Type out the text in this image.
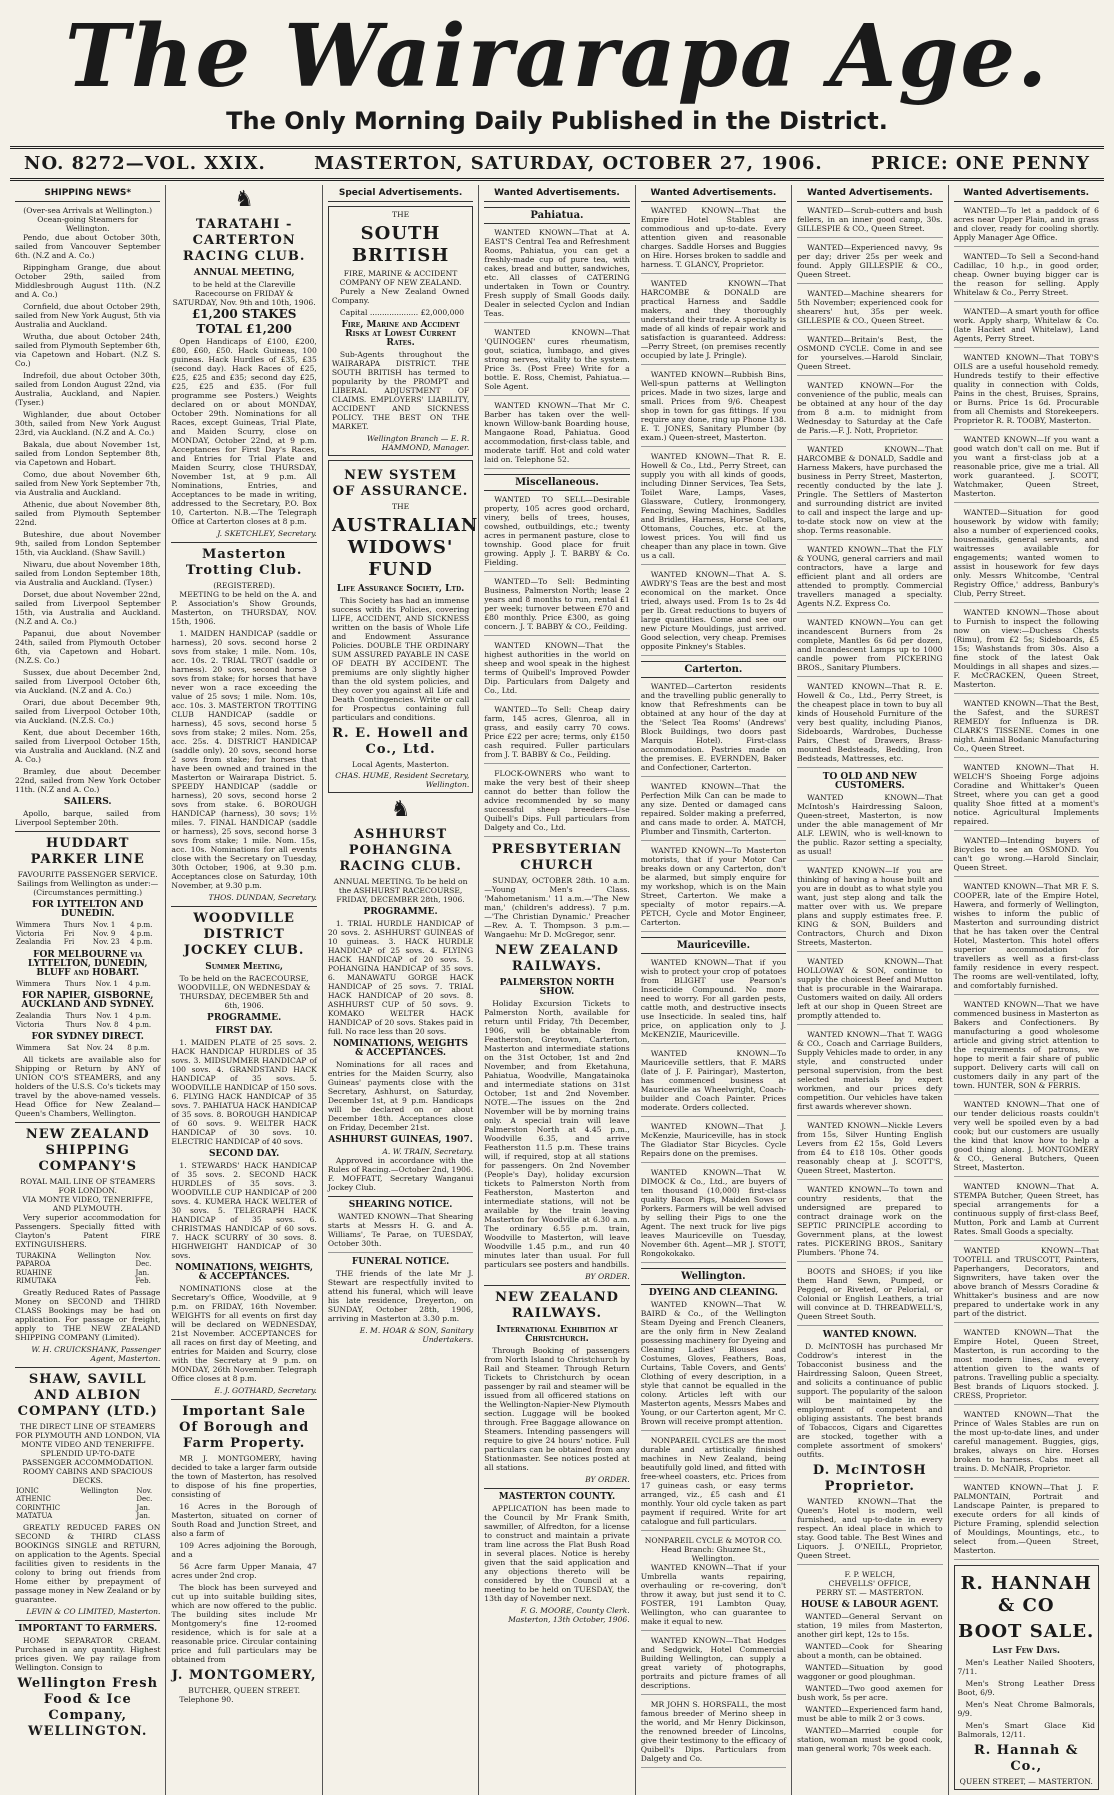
The Wairarapa Age.
The Only Morning Daily Published in the District.
NO. 8272—VOL. XXIX.	MASTERTON, SATURDAY, OCTOBER 27, 1906.	PRICE: ONE PENNY
SHIPPING NEWS*
(Over-sea Arrivals at Wellington.)
Ocean-going Steamers for Wellington.
Pendo, due about October 30th, sailed from Vancouver September 6th. (N.Z and A. Co.)
Rippingham Grange, due about October 29th, sailed from Middlesbrough August 11th. (N.Z and A. Co.)
Cornfield, due about October 29th, sailed from New York August, 5th via Australia and Auckland.
Wrutha, due about October 24th, sailed from Plymouth September 6th, via Capetown and Hobart. (N.Z S. Co.)
Indrefoil, due about October 30th, sailed from London August 22nd, via Australia, Auckland, and Napier. (Tyser.)
Wighlander, due about October 30th, sailed from New York August 23rd, via Auckland. (N.Z and A. Co.)
Bakala, due about November 1st, sailed from London September 8th, via Capetown and Hobart.
Como, due about November 6th, sailed from New York September 7th, via Australia and Auckland.
Athenic, due about November 8th, sailed from Plymouth September 22nd.
Buteshire, due about November 9th, sailed from London September 15th, via Auckland. (Shaw Savill.)
Niwaru, due about November 18th, sailed from London September 18th, via Australia and Auckland. (Tyser.)
Dorset, due about November 22nd, sailed from Liverpool September 15th, via Australia and Auckland. (N.Z and A. Co.)
Papanui, due about November 24th, sailed from Plymouth October 6th, via Capetown and Hobart. (N.Z.S. Co.)
Sussex, due about December 2nd, sailed from Liverpool October 6th, via Auckland. (N.Z and A. Co.)
Orari, due about December 9th, sailed from Liverpool October 10th, via Auckland. (N.Z.S. Co.)
Kent, due about December 16th, sailed from Liverpool October 15th, via Australia and Auckland. (N.Z and A. Co.)
Bramley, due about December 22nd, sailed from New York October 11th. (N.Z and A. Co.)
SAILERS.
Apollo, barque, sailed from Liverpool September 20th.
HUDDART PARKER LINE
FAVOURITE PASSENGER SERVICE.
Sailings from Wellington as under:— (Circumstances permitting.)
FOR LYTTELTON AND DUNEDIN.
Wimmera	Thurs	Nov. 1	4 p.m.
Victoria	Fri	Nov. 9	4 p.m.
Zealandia	Fri	Nov. 23	4 p.m.
FOR MELBOURNE via LYTTELTON, DUNEDIN, BLUFF and HOBART.
Wimmera	Thurs	Nov. 1	4 p.m.
FOR NAPIER, GISBORNE, AUCKLAND AND SYDNEY.
Zealandia	Thurs	Nov. 1	4 p.m.
Victoria	Thurs	Nov. 8	4 p.m.
FOR SYDNEY DIRECT.
Wimmera	Sat	Nov. 24	8 p.m.
All tickets are available also for Shipping or Return by ANY of UNION CO'S STEAMERS, and any holders of the U.S.S. Co's tickets may travel by the above-named vessels. Head Office for New Zealand—Queen's Chambers, Wellington.
NEW ZEALAND SHIPPING COMPANY'S
ROYAL MAIL LINE OF STEAMERS FOR LONDON.
VIA MONTE VIDEO, TENERIFFE, AND PLYMOUTH.
Very superior accommodation for Passengers. Specially fitted with Clayton's Patent FIRE EXTINGUISHERS.
TURAKINA	Wellington	Nov.
PAPAROA		Dec.
RUAHINE		Jan.
RIMUTAKA		Feb.
Greatly Reduced Rates of Passage Money on SECOND and THIRD CLASS Bookings may be had on application. For passage or freight, apply to THE NEW ZEALAND SHIPPING COMPANY (Limited).
W. H. CRUICKSHANK, Passenger Agent, Masterton.
SHAW, SAVILL AND ALBION COMPANY (LTD.)
THE DIRECT LINE OF STEAMERS FOR PLYMOUTH AND LONDON, VIA MONTE VIDEO AND TENERIFFE.
SPLENDID UP-TO-DATE PASSENGER ACCOMMODATION. ROOMY CABINS AND SPACIOUS DECKS.
IONIC	Wellington	Nov.
ATHENIC		Dec.
CORINTHIC		Jan.
MATATUA		Jan.
GREATLY REDUCED FARES ON SECOND & THIRD CLASS BOOKINGS SINGLE and RETURN, on application to the Agents. Special facilities given to residents in the colony to bring out friends from Home either by prepayment of passage money in New Zealand or by guarantee.
LEVIN & CO LIMITED, Masterton.
IMPORTANT TO FARMERS.
HOME SEPARATOR CREAM. Purchased in any quantity. Highest prices given. We pay railage from Wellington. Consign to
Wellington Fresh Food & Ice Company, WELLINGTON.
♞
TARATAHI - CARTERTON RACING CLUB.
ANNUAL MEETING,
to be held at the Clareville Racecourse on FRIDAY & SATURDAY, Nov. 9th and 10th, 1906.
£1,200 STAKES TOTAL £1,200
Open Handicaps of £100, £200, £80, £60, £50. Hack Guineas, 100 guineas. Hack Hurdles of £35, £35 (second day). Hack Races of £25, £25, £25 and £35; second day £25, £25, £25 and £35. (For full programme see Posters.) Weights declared on or about MONDAY, October 29th. Nominations for all Races, except Guineas, Trial Plate, and Maiden Scurry, close on MONDAY, October 22nd, at 9 p.m. Acceptances for First Day's Races, and Entries for Trial Plate and Maiden Scurry, close THURSDAY, November 1st, at 9 p.m. All Nominations, Entries, and Acceptances to be made in writing, addressed to the Secretary, P.O. Box 10, Carterton. N.B.—The Telegraph Office at Carterton closes at 8 p.m.
J. SKETCHLEY, Secretary.
Masterton Trotting Club.
(REGISTERED).
MEETING to be held on the A. and P. Association's Show Grounds, Masterton, on THURSDAY, NOV. 15th, 1906.
1. MAIDEN HANDICAP (saddle or harness), 20 sovs. second horse 2 sovs from stake; 1 mile. Nom. 10s, acc. 10s. 2. TRIAL TROT (saddle or harness). 20 sovs, second horse 3 sovs from stake; for horses that have never won a race exceeding the value of 25 sovs; 1 mile. Nom. 10s, acc. 10s. 3. MASTERTON TROTTING CLUB HANDICAP (saddle or harness), 45 sovs, second horse 5 sovs from stake; 2 miles. Nom. 25s, acc. 25s. 4. DISTRICT HANDICAP (saddle only). 20 sovs, second horse 2 sovs from stake; for horses that have been owned and trained in the Masterton or Wairarapa District. 5. SPEEDY HANDICAP (saddle or harness), 20 sovs, second horse 2 sovs from stake. 6. BOROUGH HANDICAP (harness), 30 sovs; 1½ miles. 7. FINAL HANDICAP (saddle or harness), 25 sovs, second horse 3 sovs from stake; 1 mile. Nom. 15s, acc. 10s. Nominations for all events close with the Secretary on Tuesday, 30th October, 1906, at 9.30 p.m. Acceptances close on Saturday, 10th November, at 9.30 p.m.
THOS. DUNDAN, Secretary.
WOODVILLE DISTRICT JOCKEY CLUB.
Summer Meeting,
To be held on the RACECOURSE, WOODVILLE, ON WEDNESDAY & THURSDAY, DECEMBER 5th and 6th, 1906.
PROGRAMME.
FIRST DAY.
1. MAIDEN PLATE of 25 sovs. 2. HACK HANDICAP HURDLES of 35 sovs. 3. MIDSUMMER HANDICAP of 100 sovs. 4. GRANDSTAND HACK HANDICAP of 35 sovs. 5. WOODVILLE HANDICAP of 150 sovs. 6. FLYING HACK HANDICAP of 35 sovs. 7. PAHIATUA HACK HANDICAP of 35 sovs. 8. BOROUGH HANDICAP of 60 sovs. 9. WELTER HACK HANDICAP of 30 sovs. 10. ELECTRIC HANDICAP of 40 sovs.
SECOND DAY.
1. STEWARDS' HACK HANDICAP of 35 sovs. 2. SECOND HACK HURDLES of 35 sovs. 3. WOODVILLE CUP HANDICAP of 200 sovs. 4. KUMERA HACK WELTER of 30 sovs. 5. TELEGRAPH HACK HANDICAP of 35 sovs. 6. CHRISTMAS HANDICAP of 60 sovs. 7. HACK SCURRY of 30 sovs. 8. HIGHWEIGHT HANDICAP of 30 sovs.
NOMINATIONS, WEIGHTS, & ACCEPTANCES.
NOMINATIONS close at the Secretary's Office, Woodville, at 9 p.m. on FRIDAY, 16th November. WEIGHTS for all events on first day will be declared on WEDNESDAY, 21st November. ACCEPTANCES for all races on first day of Meeting, and entries for Maiden and Scurry, close with the Secretary at 9 p.m. on MONDAY, 26th November. Telegraph Office closes at 8 p.m.
E. J. GOTHARD, Secretary.
Important Sale Of Borough and Farm Property.
MR J. MONTGOMERY, having decided to take a larger farm outside the town of Masterton, has resolved to dispose of his fine properties, consisting of
16 Acres in the Borough of Masterton, situated on corner of South Road and Junction Street, and also a farm of
109 Acres adjoining the Borough, and a
56 Acre farm Upper Manaia, 47 acres under 2nd crop.
The block has been surveyed and cut up into suitable building sites, which are now offered to the public. The building sites include Mr Montgomery's fine 12-roomed residence, which is for sale at a reasonable price. Circular containing price and full particulars may be obtained from
J. MONTGOMERY,
BUTCHER, QUEEN STREET.
Telephone 90.
Special Advertisements.
THE
SOUTH BRITISH
FIRE, MARINE & ACCIDENT COMPANY OF NEW ZEALAND.
Purely a New Zealand Owned Company.
Capital .................... £2,000,000
Fire, Marine and Accident Risks at Lowest Current Rates.
Sub-Agents throughout the WAIRARAPA DISTRICT. THE SOUTH BRITISH has termed to popularity by the PROMPT and LIBERAL ADJUSTMENT OF CLAIMS. EMPLOYERS' LIABILITY, ACCIDENT AND SICKNESS POLICY. THE BEST ON THE MARKET.
Wellington Branch — E. R. HAMMOND, Manager.
NEW SYSTEM OF ASSURANCE.
THE
AUSTRALIAN WIDOWS' FUND
Life Assurance Society, Ltd.
This Society has had an immense success with its Policies, covering LIFE, ACCIDENT, AND SICKNESS written on the basis of Whole Life and Endowment Assurance Policies. DOUBLE THE ORDINARY SUM ASSURED PAYABLE IN CASE OF DEATH BY ACCIDENT. The premiums are only slightly higher than the old system policies, and they cover you against all Life and Death Contingencies. Write or call for Prospectus containing full particulars and conditions.
R. E. Howell and Co., Ltd.
Local Agents, Masterton.
CHAS. HUME, Resident Secretary, Wellington.
♞
ASHHURST POHANGINA RACING CLUB.
ANNUAL MEETING. To be held on the ASHHURST RACECOURSE, FRIDAY, DECEMBER 28th, 1906.
PROGRAMME.
1. TRIAL HURDLE HANDICAP of 20 sovs. 2. ASHHURST GUINEAS of 10 guineas. 3. HACK HURDLE HANDICAP of 25 sovs. 4. FLYING HACK HANDICAP of 20 sovs. 5. POHANGINA HANDICAP of 35 sovs. 6. MANAWATU GORGE HACK HANDICAP of 25 sovs. 7. TRIAL HACK HANDICAP of 20 sovs. 8. ASHHURST CUP of 50 sovs. 9. KOMAKO WELTER HACK HANDICAP of 20 sovs. Stakes paid in full. No race less than 20 sovs.
NOMINATIONS, WEIGHTS & ACCEPTANCES.
Nominations for all races and entries for the Maiden Scurry, also Guineas' payments close with the Secretary, Ashhurst, on Saturday, December 1st, at 9 p.m. Handicaps will be declared on or about December 18th. Acceptances close on Friday, December 21st.
ASHHURST GUINEAS, 1907.
A. W. TRAIN, Secretary.
Approved in accordance with the Rules of Racing.—October 2nd, 1906. F. MOFFATT, Secretary Wanganui Jockey Club.
SHEARING NOTICE.
WANTED KNOWN—That Shearing starts at Messrs H. G. and A. Williams', Te Parae, on TUESDAY, October 30th.
FUNERAL NOTICE.
THE friends of the late Mr J. Stewart are respectfully invited to attend his funeral, which will leave his late residence, Dreyerton, on SUNDAY, October 28th, 1906, arriving in Masterton at 3.30 p.m.
E. M. HOAR & SON, Sanitary Undertakers.
Wanted Advertisements.
Pahiatua.
WANTED KNOWN—That at A. EAST'S Central Tea and Refreshment Rooms, Pahiatua, you can get a freshly-made cup of pure tea, with cakes, bread and butter, sandwiches, etc. All classes of CATERING undertaken in Town or Country. Fresh supply of Small Goods daily. Dealer in selected Cyclon and Indian Teas.
WANTED KNOWN—That 'QUINOGEN' cures rheumatism, gout, sciatica, lumbago, and gives strong nerves, vitality to the system. Price 3s. (Post Free) Write for a bottle. E. Ross, Chemist, Pahiatua.—Sole Agent.
WANTED KNOWN—That Mr C. Barber has taken over the well-known Willow-bank Boarding house, Mangaone Road, Pahiatua. Good accommodation, first-class table, and moderate tariff. Hot and cold water laid on. Telephone 52.
Miscellaneous.
WANTED TO SELL—Desirable property, 105 acres good orchard, vinery, bells of trees, houses, cowshed, outbuildings, etc.; twenty acres in permanent pasture, close to township. Good place for fruit growing. Apply J. T. BARBY & Co. Fielding.
WANTED—To Sell: Bedminting Business, Palmerston North; lease 2 years and 8 months to run, rental £1 per week; turnover between £70 and £80 monthly. Price £300, as going concern. J. T. BABBY & CO., Feilding.
WANTED KNOWN—That the highest authorities in the world on sheep and wool speak in the highest terms of Quibell's Improved Powder Dip. Particulars from Dalgety and Co., Ltd.
WANTED—To Sell: Cheap dairy farm, 145 acres, Glenroa, all in grass, and easily carry 70 cows. Price £22 per acre; terms, only £150 cash required. Fuller particulars from J. T. BABBY & Co., Feilding.
FLOCK-OWNERS who want to make the very best of their sheep cannot do better than follow the advice recommended by so many successful sheep breeders—Use Quibell's Dips. Full particulars from Dalgety and Co., Ltd.
PRESBYTERIAN CHURCH
SUNDAY, OCTOBER 28th. 10 a.m.—Young Men's Class. 'Mahometanism.' 11 a.m.—'The New man,' (children's address). 7 p.m.—'The Christian Dynamic.' Preacher—Rev. A. T. Thompson. 3 p.m.—Wangaehu: Mr D. McGregor, senr.
NEW ZEALAND RAILWAYS.
PALMERSTON NORTH SHOW.
Holiday Excursion Tickets to Palmerston North, available for return until Friday, 7th December, 1906, will be obtainable from Featherston, Greytown, Carterton, Masterton and intermediate stations on the 31st October, 1st and 2nd November, and from Eketahuna, Pahiatua, Woodville, Mangatainoka and intermediate stations on 31st October, 1st and 2nd November. NOTE.—The issues on the 2nd November will be by morning trains only. A special train will leave Palmerston North at 4.45 p.m., Woodville 6.35, and arrive Featherston 11.5 p.m. These trains will, if required, stop at all stations for passengers. On 2nd November (People's Day), holiday excursion tickets to Palmerston North from Featherston, Masterton and intermediate stations, will not be available by the train leaving Masterton for Woodville at 6.30 a.m. The ordinary 6.55 p.m. train, Woodville to Masterton, will leave Woodville 1.45 p.m., and run 40 minutes later than usual. For full particulars see posters and handbills.
BY ORDER.
NEW ZEALAND RAILWAYS.
International Exhibition at Christchurch.
Through Booking of passengers from North Island to Christchurch by Rail and Steamer. Through Return Tickets to Christchurch by ocean passenger by rail and steamer will be issued from all officered stations on the Wellington-Napier-New Plymouth section. Luggage will be booked through. Free Baggage allowance on Steamers. Intending passengers will require to give 24 hours' notice. Full particulars can be obtained from any Stationmaster. See notices posted at all stations.
BY ORDER.
MASTERTON COUNTY.
APPLICATION has been made to the Council by Mr Frank Smith, sawmiller, of Alfredton, for a license to construct and maintain a private tram line across the Flat Bush Road in several places. Notice is hereby given that the said application and any objections thereto will be considered by the Council at a meeting to be held on TUESDAY, the 13th day of November next.
F. G. MOORE, County Clerk. Masterton, 13th October, 1906.
Wanted Advertisements.
WANTED KNOWN—That the Empire Hotel Stables are commodious and up-to-date. Every attention given and reasonable charges. Saddle Horses and Buggies on Hire. Horses broken to saddle and harness. T. GLANCY, Proprietor.
WANTED KNOWN—That HARCOMBE & DONALD are practical Harness and Saddle makers, and they thoroughly understand their trade. A specialty is made of all kinds of repair work and satisfaction is guaranteed. Address:—Perry Street, (on premises recently occupied by late J. Pringle).
WANTED KNOWN—Rubbish Bins, Well-spun patterns at Wellington prices. Made in two sizes, large and small. Prices from 9/6. Cheapest shop in town for gas fittings. If you require any done, ring up Phone 138. E. T. JONES, Sanitary Plumber (by exam.) Queen-street, Masterton.
WANTED KNOWN—That R. E. Howell & Co., Ltd., Perry Street, can supply you with all kinds of goods, including Dinner Services, Tea Sets, Toilet Ware, Lamps, Vases, Glassware, Cutlery, Ironmongery, Fencing, Sewing Machines, Saddles and Bridles, Harness, Horse Collars, Ottomans, Couches, etc. at the lowest prices. You will find us cheaper than any place in town. Give us a call.
WANTED KNOWN—That A. S. AWDRY'S Teas are the best and most economical on the market. Once tried, always used. From 1s to 2s 4d per lb. Great reductions to buyers of large quantities. Come and see our new Picture Mouldings, just arrived. Good selection, very cheap. Premises opposite Pinkney's Stables.
Carterton.
WANTED—Carterton residents and the travelling public generally to know that Refreshments can be obtained at any hour of the day at the 'Select Tea Rooms' (Andrews' Block Buildings, two doors past Marquis Hotel). First-class accommodation. Pastries made on the premises. E. EVERNDEN, Baker and Confectioner, Carterton.
WANTED KNOWN—That the Perfection Milk Can can be made to any size. Dented or damaged cans repaired. Solder making a preferred, and cans made to order. A. MATCH, Plumber and Tinsmith, Carterton.
WANTED KNOWN—To Masterton motorists, that if your Motor Car breaks down or any Carterton, don't be alarmed, but simply enquire for my workshop, which is on the Main Street, Carterton. We make a specialty of motor repairs.—A. PETCH, Cycle and Motor Engineer, Carterton.
Mauriceville.
WANTED KNOWN—That if you wish to protect your crop of potatoes from BLIGHT use Pearson's Insecticide Compound. No more need to worry. For all garden pests, cattle moth, and destructive insects use Insecticide. In sealed tins, half price, on application only to J. McKENZIE, Mauriceville.
WANTED KNOWN—To Mauriceville settlers, that F. MARS (late of J. F. Pairingar), Masterton, has commenced business at Mauriceville as Wheelwright, Coach-builder and Coach Painter. Prices moderate. Orders collected.
WANTED KNOWN—That J. McKenzie, Mauriceville, has in stock The Gladiator Star Bicycles. Cycle Repairs done on the premises.
WANTED KNOWN—That W. DIMOCK & Co., Ltd., are buyers of ten thousand (10,000) first-class quality Bacon Pigs, Maiden Sows or Porkers. Farmers will be well advised by selling their Pigs to one the Agent. The next truck for live pigs leaves Mauriceville on Tuesday, November 6th. Agent—MR J. STOTT, Rongokokako.
Wellington.
DYEING AND CLEANING.
WANTED KNOWN—That W. BAIRD & Co., of the Wellington Steam Dyeing and French Cleaners, are the only firm in New Zealand possessing machinery for Dyeing and Cleaning Ladies' Blouses and Costumes, Gloves, Feathers, Boas, Curtains, Table Covers, and Gents' Clothing of every description, in a style that cannot be equalled in the colony. Articles left with our Masterton agents, Messrs Mabes and Young, or our Carterton agent, Mr C. Brown will receive prompt attention.
NONPAREIL CYCLES are the most durable and artistically finished machines in New Zealand, being beautifully gold lined, and fitted with free-wheel coasters, etc. Prices from 17 guineas cash, or easy terms arranged, viz., £5 cash and £1 monthly. Your old cycle taken as part payment if required. Write for art catalogue and full particulars.
NONPAREIL CYCLE & MOTOR CO. Head Branch: Ghuznee St., Wellington.
WANTED KNOWN—That if your Umbrella wants repairing, overhauling or re-covering, don't throw it away, but just send it to C. FOSTER, 191 Lambton Quay, Wellington, who can guarantee to make it equal to new.
WANTED KNOWN—That Hodges and Sedgwick, Hotel Commercial Building Wellington, can supply a great variety of photographs, portraits and picture frames of all descriptions.
MR JOHN S. HORSFALL, the most famous breeder of Merino sheep in the world, and Mr Henry Dickinson, the renowned breeder of Lincolns, give their testimony to the efficacy of Quibell's Dips. Particulars from Dalgety and Co.
Wanted Advertisements.
WANTED—Scrub-cutters and bush fellers, in an inner good camp, 30s. GILLESPIE & CO., Queen Street.
WANTED—Experienced navvy, 9s per day; driver 25s per week and found. Apply GILLESPIE & CO., Queen Street.
WANTED—Machine shearers for 5th November; experienced cook for shearers' hut, 35s per week. GILLESPIE & CO., Queen Street.
WANTED—Britain's Best, the OSMOND CYCLE. Come in and see for yourselves.—Harold Sinclair, Queen Street.
WANTED KNOWN—For the convenience of the public, meals can be obtained at any hour of the day from 8 a.m. to midnight from Wednesday to Saturday at the Cafe de Paris.—F. J. Nott, Proprietor.
WANTED KNOWN—That HARCOMBE & DONALD, Saddle and Harness Makers, have purchased the business in Perry Street, Masterton, recently conducted by the late J. Pringle. The Settlers of Masterton and surrounding district are invited to call and inspect the large and up-to-date stock now on view at the shop. Terms reasonable.
WANTED KNOWN—That the FLY & YOUNG, general carriers and mail contractors, have a large and efficient plant and all orders are attended to promptly. Commercial travellers managed a specialty. Agents N.Z. Express Co.
WANTED KNOWN—You can get incandescent Burners from 2s complete, Mantles 6s 6d per dozen, and Incandescent Lamps up to 1000 candle power from PICKERING BROS., Sanitary Plumbers.
WANTED KNOWN—That R. E. Howell & Co., Ltd., Perry Street, is the cheapest place in town to buy all kinds of Household Furniture of the very best quality, including Pianos, Sideboards, Wardrobes, Duchesse Pairs, Chest of Drawers, Brass-mounted Bedsteads, Bedding, Iron Bedsteads, Mattresses, etc.
TO OLD AND NEW CUSTOMERS.
WANTED KNOWN—That McIntosh's Hairdressing Saloon, Queen-street, Masterton, is now under the able management of Mr ALF. LEWIN, who is well-known to the public. Razor setting a specialty, as usual!
WANTED KNOWN—If you are thinking of having a house built and you are in doubt as to what style you want, just step along and talk the matter over with us. We prepare plans and supply estimates free. F. KING & SON, Builders and Contractors, Church and Dixon Streets, Masterton.
WANTED KNOWN—That HOLLOWAY & SON, continue to supply the choicest Beef and Mutton that is procurable in the Wairarapa. Customers waited on daily. All orders left at our shop in Queen Street are promptly attended to.
WANTED KNOWN—That T. WAGG & CO., Coach and Carriage Builders, Supply Vehicles made to order, in any style, and constructed under personal supervision, from the best selected materials by expert workmen, and our prices defy competition. Our vehicles have taken first awards wherever shown.
WANTED KNOWN—Nickle Levers from 15s, Silver Hunting English Levers from £2 15s, Gold Levers from £4 to £18 10s. Other goods reasonably cheap at J. SCOTT'S, Queen Street, Masterton.
WANTED KNOWN—To town and country residents, that the undersigned are prepared to contract drainage work on the SEPTIC PRINCIPLE according to Government plans, at the lowest rates. PICKERING BROS., Sanitary Plumbers. 'Phone 74.
BOOTS and SHOES; if you like them Hand Sewn, Pumped, or Pegged, or Riveted, or Pelorial, or Colonial or English Leathers, a trial will convince at D. THREADWELL'S, Queen Street South.
WANTED KNOWN.
D. McINTOSH has purchased Mr Coddrow's interest in the Tobacconist business and the Hairdressing Saloon, Queen Street, and solicits a continuance of public support. The popularity of the saloon will be maintained by the employment of competent and obliging assistants. The best brands of Tobaccos, Cigars and Cigarettes are stocked, together with a complete assortment of smokers' outfits.
D. McINTOSH Proprietor.
WANTED KNOWN—That the Queen's Hotel is modern, well furnished, and up-to-date in every respect. An ideal place in which to stay. Good table. The Best Wines and Liquors. J. O'NEILL, Proprietor, Queen Street.
F. P. WELCH,
CHEVELLS' OFFICE,
PERRY ST. — MASTERTON.
HOUSE & LABOUR AGENT.
WANTED—General Servant on station, 19 miles from Masterton, another girl kept, 12s to 15s.
WANTED—Cook for Shearing about a month, can be obtained.
WANTED—Situation by good waggoner or good ploughman.
WANTED—Two good axemen for bush work, 5s per acre.
WANTED—Experienced farm hand, must be able to milk 2 or 3 cows.
WANTED—Married couple for station, woman must be good cook, man general work; 70s week each.
Wanted Advertisements.
WANTED—To let a paddock of 6 acres near Upper Plain, and in grass and clover, ready for cooling shortly. Apply Manager Age Office.
WANTED—To Sell a Second-hand Cadillac, 10 h.p., in good order, cheap. Owner buying bigger car is the reason for selling. Apply Whitelaw & Co., Perry Street.
WANTED—A smart youth for office work. Apply sharp, Whitelaw & Co. (late Hacket and Whitelaw), Land Agents, Perry Street.
WANTED KNOWN—That TOBY'S OILS are a useful household remedy. Hundreds testify to their effective quality in connection with Colds, Pains in the chest, Bruises, Sprains, or Burns. Price 1s 6d. Procurable from all Chemists and Storekeepers. Proprietor R. R. TOOBY, Masterton.
WANTED KNOWN—If you want a good watch don't call on me. But if you want a first-class job at a reasonable price, give me a trial. All work guaranteed. J. SCOTT, Watchmaker, Queen Street, Masterton.
WANTED—Situation for good housework by widow with family; also a number of experienced cooks, housemaids, general servants, and waitresses available for engagements; wanted women to assist in housework for few days only. Messrs Whitcombe, 'Central Registry Office,' address, Banbury's Club, Perry Street.
WANTED KNOWN—Those about to Furnish to inspect the following now on view:—Duchess Chests (Rimu), from £2 5s; Sideboards, £5 15s; Washstands from 30s. Also a fine stock of the latest Oak Mouldings in all shapes and sizes.—F. McCRACKEN, Queen Street, Masterton.
WANTED KNOWN—That the Best, the Safest, and the SUREST REMEDY for Influenza is DR. CLARK'S TISSENE. Comes in one night. Animal Bodanic Manufacturing Co., Queen Street.
WANTED KNOWN—That H. WELCH'S Shoeing Forge adjoins Coradine and Whittaker's Queen Street, where you can get a good quality Shoe fitted at a moment's notice. Agricultural Implements repaired.
WANTED—Intending buyers of Bicycles to see an OSMOND. You can't go wrong.—Harold Sinclair, Queen Street.
WANTED KNOWN—That MR F. S. COOPER, late of the Empire Hotel, Hawera, and formerly of Wellington, wishes to inform the public of Masterton and surrounding district that he has taken over the Central Hotel, Masterton. This hotel offers superior accommodation for travellers as well as a first-class family residence in every respect. The rooms are well-ventilated, lofty, and comfortably furnished.
WANTED KNOWN—That we have commenced business in Masterton as Bakers and Confectioners. By manufacturing a good wholesome article and giving strict attention to the requirements of patrons, we hope to merit a fair share of public support. Delivery carts will call on customers daily in any part of the town. HUNTER, SON & FERRIS.
WANTED KNOWN—That one of our tender delicious roasts couldn't very well be spoiled even by a bad cook; but our customers are usually the kind that know how to help a good thing along. J. MONTGOMERY & CO., General Butchers, Queen Street, Masterton.
WANTED KNOWN—That A. STEMPA Butcher, Queen Street, has special arrangements for a continuous supply of first-class Beef, Mutton, Pork and Lamb at Current Rates. Small Goods a specialty.
WANTED KNOWN—That TOOTELL and TRUSCOTT, Painters, Paperhangers, Decorators, and Signwriters, have taken over the above branch of Messrs Coradine & Whittaker's business and are now prepared to undertake work in any part of the district.
WANTED KNOWN—That the Empire Hotel, Queen Street, Masterton, is run according to the most modern lines, and every attention given to the wants of patrons. Travelling public a specialty. Best brands of Liquors stocked. J. CRESS, Proprietor.
WANTED KNOWN—That the Prince of Wales Stables are run on the most up-to-date lines, and under careful management. Buggies, gigs, brakes, always on hire. Horses broken to harness. Cabs meet all trains. D. McNAIR, Proprietor.
WANTED KNOWN—That J. F. PALMONTAIN, Portrait and Landscape Painter, is prepared to execute orders for all kinds of Picture Framing, splendid selection of Mouldings, Mountings, etc., to select from.—Queen Street, Masterton.
R. HANNAH & CO
BOOT SALE.
Last Few Days.
Men's Leather Nailed Shooters, 7/11.
Men's Strong Leather Dress Boot, 6/9.
Men's Neat Chrome Balmorals, 9/9.
Men's Smart Glace Kid Balmorals, 12/11.
R. Hannah & Co.,
QUEEN STREET, — MASTERTON.
